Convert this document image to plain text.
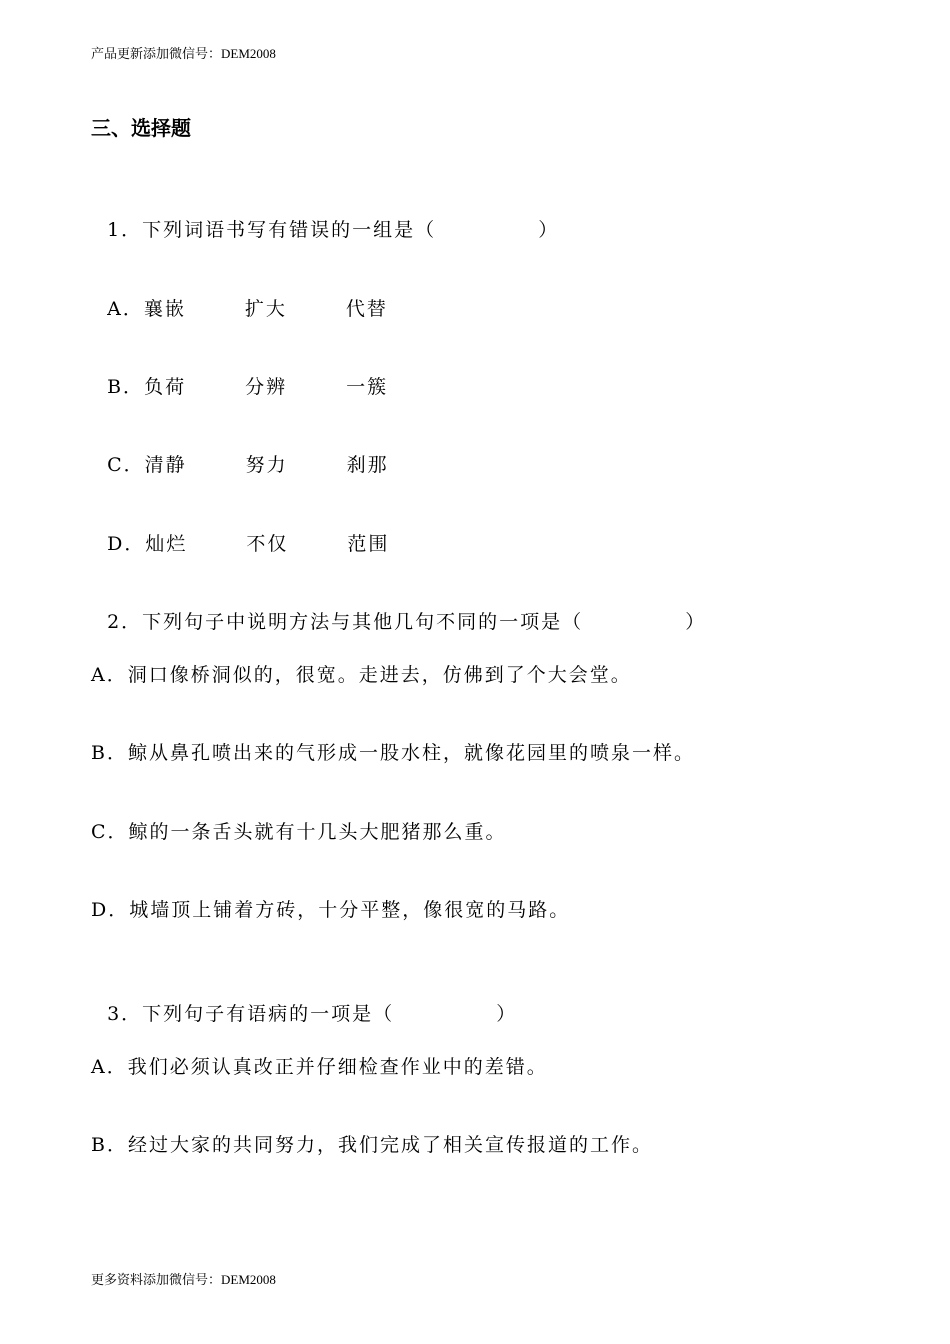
产品更新添加微信号：DEM2008
三、选择题

1．下列词语书写有错误的一组是（	）

A．襄嵌	扩大	代替

B．负荷	分辨	一簇

C．清静	努力	刹那

D．灿烂	不仅	范围

2．下列句子中说明方法与其他几句不同的一项是（	）

A．洞口像桥洞似的，很宽。走进去，仿佛到了个大会堂。
B．鲸从鼻孔喷出来的气形成一股水柱，就像花园里的喷泉一样。
C．鲸的一条舌头就有十几头大肥猪那么重。
D．城墙顶上铺着方砖，十分平整，像很宽的马路。

3．下列句子有语病的一项是（	）

A．我们必须认真改正并仔细检查作业中的差错。
B．经过大家的共同努力，我们完成了相关宣传报道的工作。
更多资料添加微信号：DEM2008
